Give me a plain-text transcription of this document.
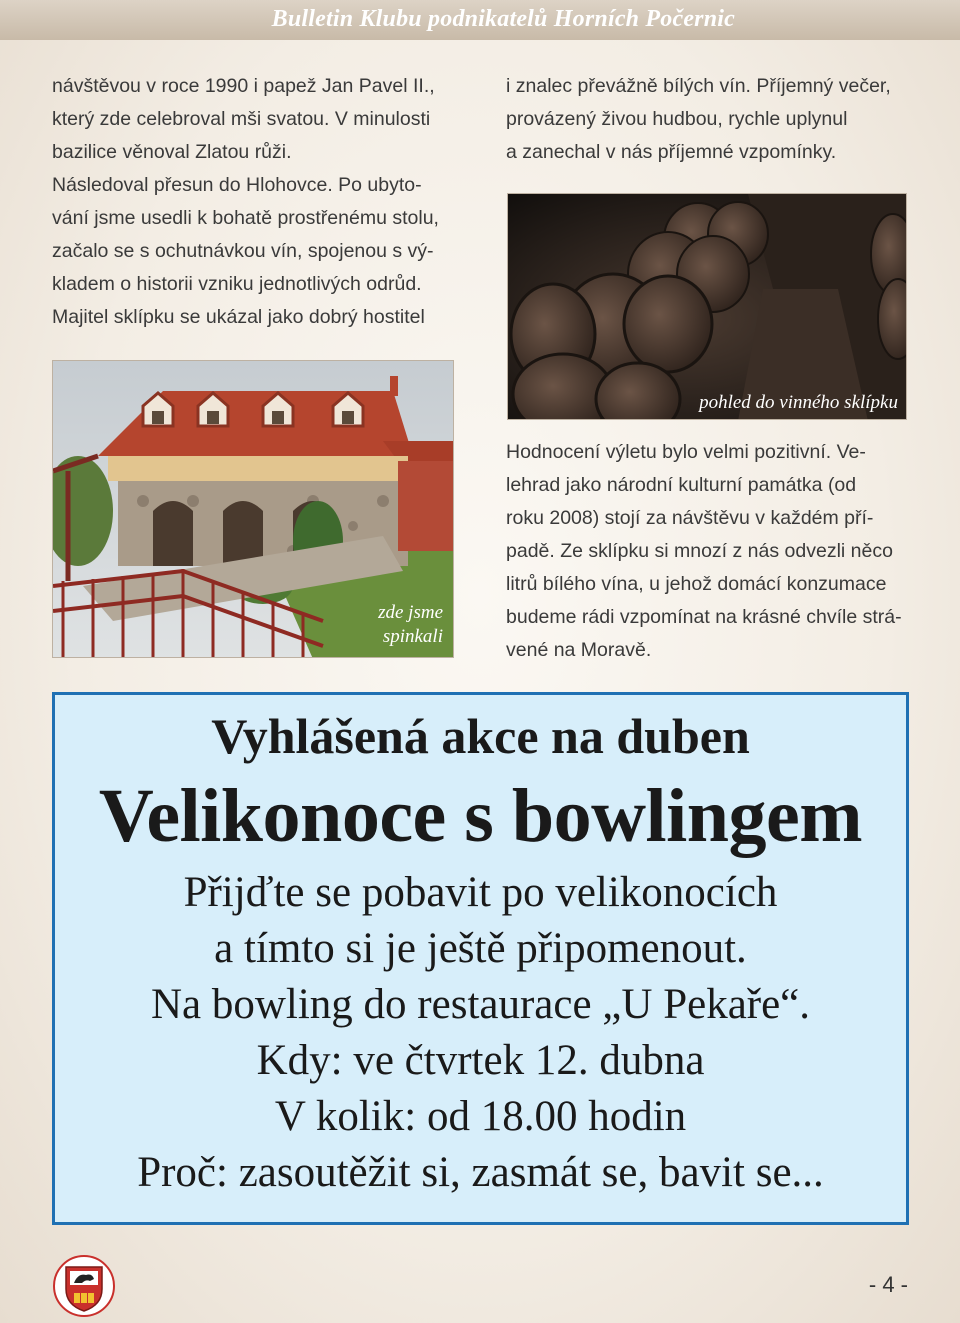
Bulletin Klubu podnikatelů Horních Počernic
návštěvou v roce 1990 i papež Jan Pavel II.,
který zde celebroval mši svatou. V minulosti
bazilice věnoval Zlatou růži.
Následoval přesun do Hlohovce. Po ubyto-
vání jsme usedli k bohatě prostřenému stolu,
začalo se s ochutnávkou vín, spojenou s vý-
kladem o historii vzniku jednotlivých odrůd.
Majitel sklípku se ukázal jako dobrý hostitel
i znalec převážně bílých vín. Příjemný večer,
provázený živou hudbou, rychle uplynul
a zanechal v nás příjemné vzpomínky.
pohled do vinného sklípku
zde jsme
spinkali
Hodnocení výletu bylo velmi pozitivní. Ve-
lehrad jako národní kulturní památka (od
roku 2008) stojí za návštěvu v každém pří-
padě. Ze sklípku si mnozí z nás odvezli něco
litrů bílého vína, u jehož domácí konzumace
budeme rádi vzpomínat na krásné chvíle strá-
vené na Moravě.
Vyhlášená akce na duben
Velikonoce s bowlingem
Přijďte se pobavit po velikonocích
a tímto si je ještě připomenout.
Na bowling do restaurace „U Pekaře“.
Kdy: ve čtvrtek 12. dubna
V kolik: od 18.00 hodin
Proč: zasoutěžit si, zasmát se, bavit se...
- 4 -
